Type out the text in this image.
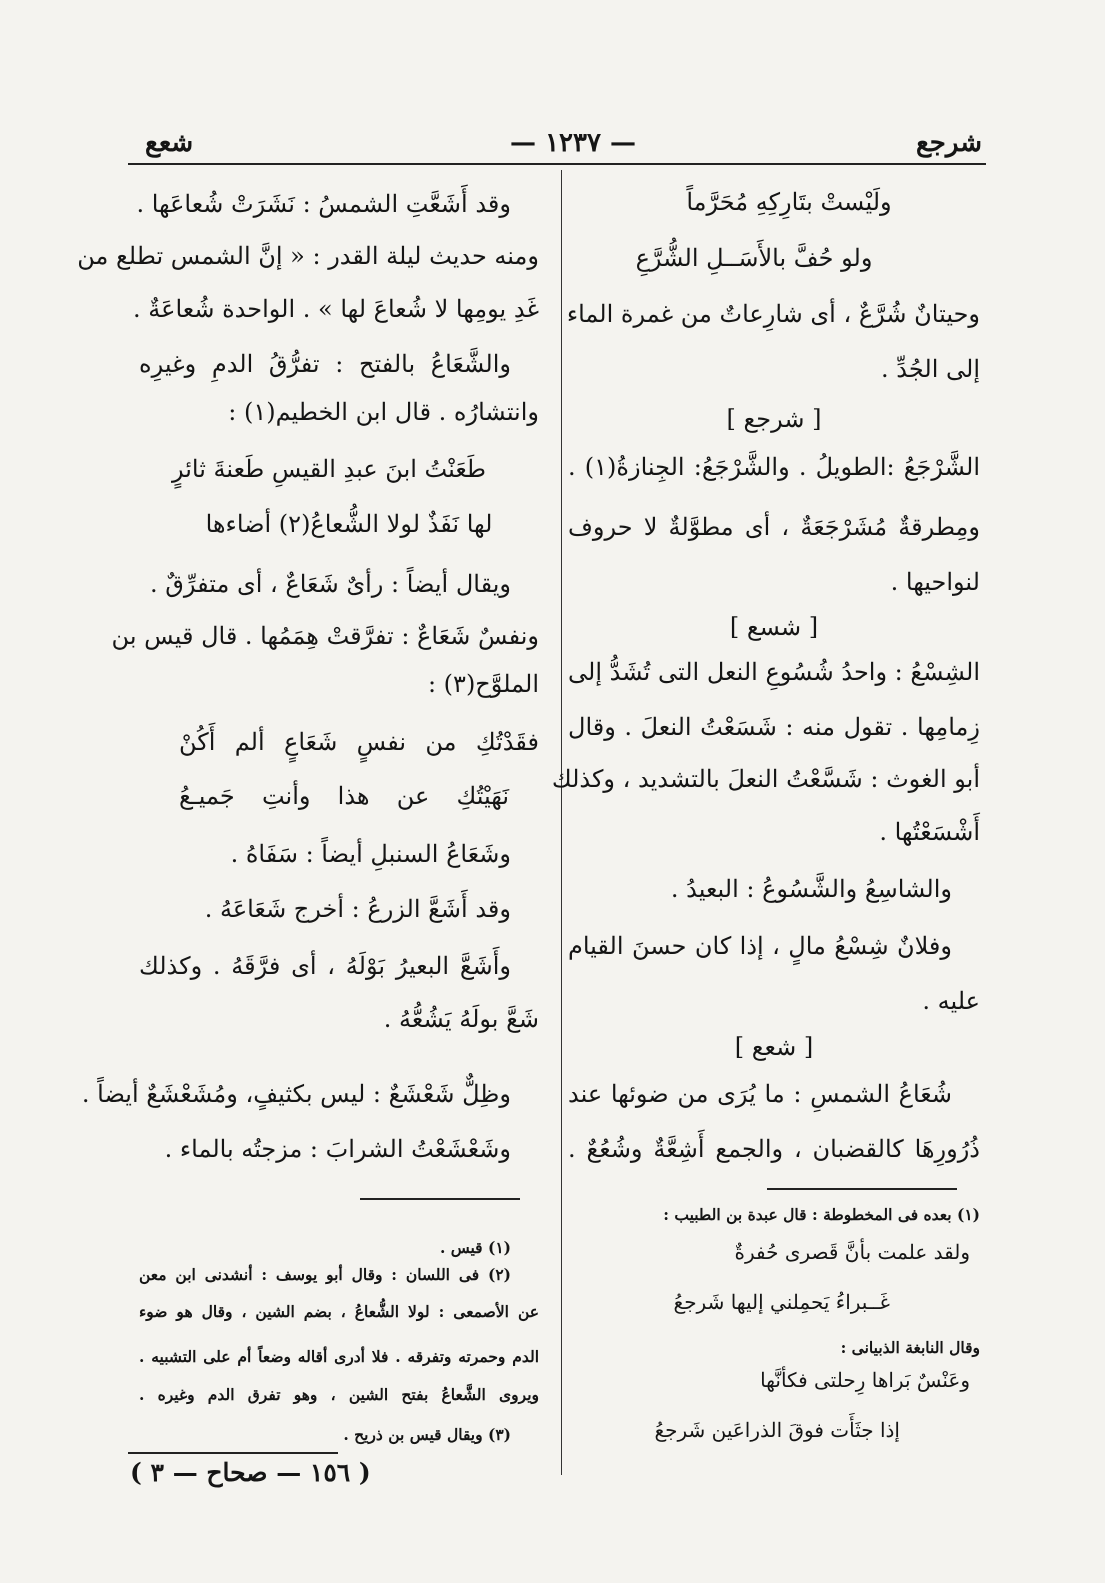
شرجع
— ١٢٣٧ —
شعع
ولَيْستْ بتَارِكِهِ مُحَرَّماً
ولو حُفَّ بالأَسَــلِ الشُّرَّعِ
وحيتانٌ شُرَّعٌ ، أى شارِعاتٌ من غمرة الماء
إلى الجُدِّ .
[ شرجع ]
الشَّرْجَعُ :الطويلُ . والشَّرْجَعُ: الجِنازةُ(١) .
ومِطرقةٌ مُشَرْجَعَةٌ ، أى مطوَّلةٌ لا حروف
لنواحيها .
[ شسع ]
الشِسْعُ : واحدُ شُسُوعِ النعل التى تُشَدُّ إلى
زِمامِها . تقول منه : شَسَعْتُ النعلَ . وقال
أبو الغوث : شَسَّعْتُ النعلَ بالتشديد ، وكذلك
أَشْسَعْتُها .
والشاسِعُ والشَّسُوعُ : البعيدُ .
وفلانٌ شِسْعُ مالٍ ، إذا كان حسنَ القيام
عليه .
[ شعع ]
شُعَاعُ الشمسِ : ما يُرَى من ضوئها عند
ذُرُورِهَا كالقضبان ، والجمع أَشِعَّةٌ وشُعُعٌ .
(١) بعده فى المخطوطة : قال عبدة بن الطبيب :
ولقد علمت بأنَّ قَصرى حُفرةٌ
غَــبراءُ يَحمِلني إليها شَرجعُ
وقال النابغة الذبيانى :
وعَنْسٌ بَراها رِحلتى فكأنَّها
إذا جثَأَت فوقَ الذراعَين شَرجعُ
وقد أَشَعَّتِ الشمسُ : نَشَرَتْ شُعاعَها .
ومنه حديث ليلة القدر : « إنَّ الشمس تطلع من
غَدِ يومِها لا شُعاعَ لها » . الواحدة شُعاعَةٌ .
والشَّعَاعُ بالفتح : تفرُّقُ الدمِ وغيرِه
وانتشارُه . قال ابن الخطيم(١) :
طَعَنْتُ ابنَ عبدِ القيسِ طَعنةَ ثائرٍ
لها نَفَذٌ لولا الشُّعاعُ(٢) أضاءها
ويقال أيضاً : رأىٌ شَعَاعٌ ، أى متفرِّقٌ .
ونفسٌ شَعَاعٌ : تفرَّقتْ هِمَمُها . قال قيس بن
الملوَّح(٣) :
فقَدْتُكِ من نفسٍ شَعَاعٍ ألم أَكُنْ
نَهَيْتُكِ عن هذا وأنتِ جَميـعُ
وشَعَاعُ السنبلِ أيضاً : سَفَاهُ .
وقد أَشَعَّ الزرعُ : أخرج شَعَاعَهُ .
وأَشَعَّ البعيرُ بَوْلَهُ ، أى فرَّقَهُ . وكذلك
شَعَّ بولَهُ يَشُعُّهُ .
وظِلٌّ شَعْشَعٌ : ليس بكثيفٍ، ومُشَعْشَعٌ أيضاً .
وشَعْشَعْتُ الشرابَ : مزجتُه بالماء .
(١) قيس .
(٢) فى اللسان : وقال أبو يوسف : أنشدنى ابن معن
عن الأصمعى : لولا الشُّعاعُ ، بضم الشين ، وقال هو ضوء
الدم وحمرته وتفرقه . فلا أدرى أقاله وضعاً أم على التشبيه .
ويروى الشَّعاعُ بفتح الشين ، وهو تفرق الدم وغيره .
(٣) ويقال قيس بن ذريح .
( ١٥٦ — صحاح — ٣ )
